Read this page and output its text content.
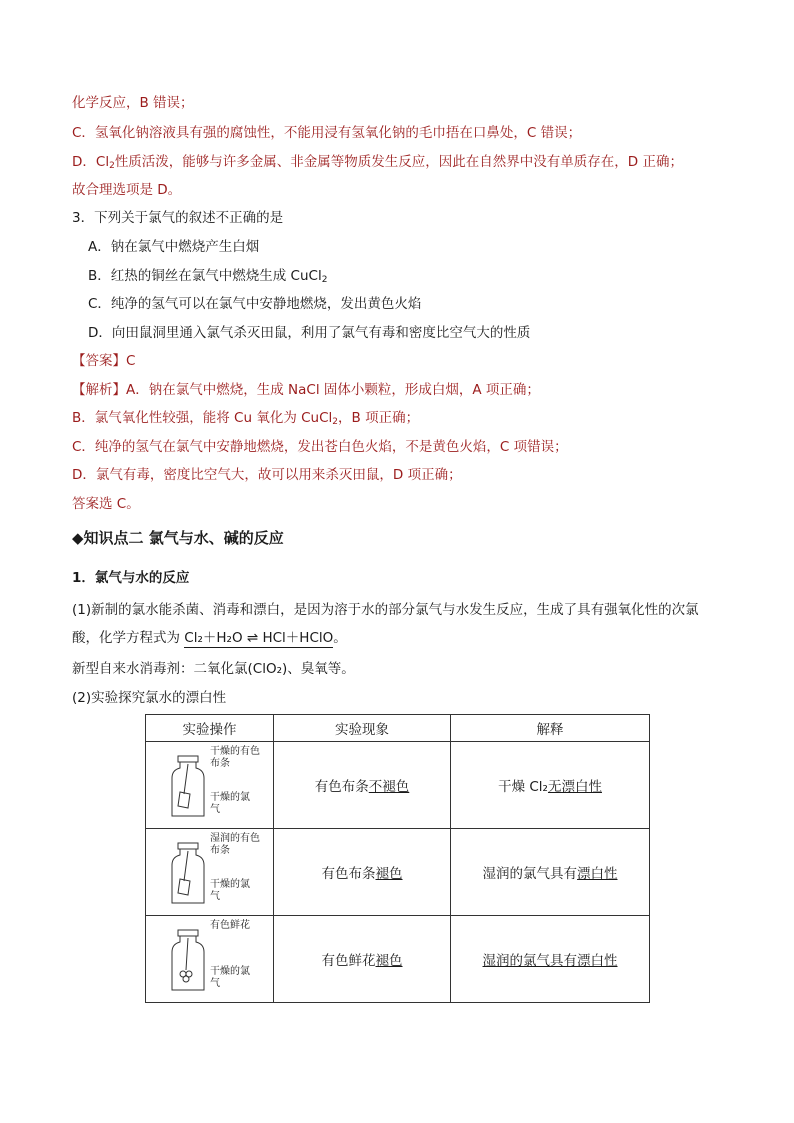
化学反应，B 错误；
C．氢氧化钠溶液具有强的腐蚀性，不能用浸有氢氧化钠的毛巾捂在口鼻处，C 错误；
D．$Cl_2$性质活泼，能够与许多金属、非金属等物质发生反应，因此在自然界中没有单质存在，D 正确；
故合理选项是 D。
3．下列关于氯气的叙述不正确的是
A．钠在氯气中燃烧产生白烟
B．红热的铜丝在氯气中燃烧生成 CuCl$_2$
C．纯净的氢气可以在氯气中安静地燃烧，发出黄色火焰
D．向田鼠洞里通入氯气杀灭田鼠，利用了氯气有毒和密度比空气大的性质
【答案】C
【解析】A．钠在氯气中燃烧，生成 NaCl 固体小颗粒，形成白烟，A 项正确；
B．氯气氧化性较强，能将 Cu 氧化为 CuCl$_2$，B 项正确；
C．纯净的氢气在氯气中安静地燃烧，发出苍白色火焰，不是黄色火焰，C 项错误；
D．氯气有毒，密度比空气大，故可以用来杀灭田鼠，D 项正确；
答案选 C。
◆知识点二 氯气与水、碱的反应
1．氯气与水的反应
(1)新制的氯水能杀菌、消毒和漂白，是因为溶于水的部分氯气与水发生反应，生成了具有强氧化性的次氯
酸，化学方程式为 Cl₂＋H₂O ⇌ HCl＋HClO。
新型自来水消毒剂：二氧化氯(ClO₂)、臭氧等。
(2)实验探究氯水的漂白性
实验操作	实验现象	解释

干燥的有色布条
干燥的氯气	有色布条不褪色	干燥 Cl₂无漂白性

湿润的有色布条
干燥的氯气	有色布条褪色	湿润的氯气具有漂白性

有色鲜花
干燥的氯气	有色鲜花褪色	湿润的氯气具有漂白性
